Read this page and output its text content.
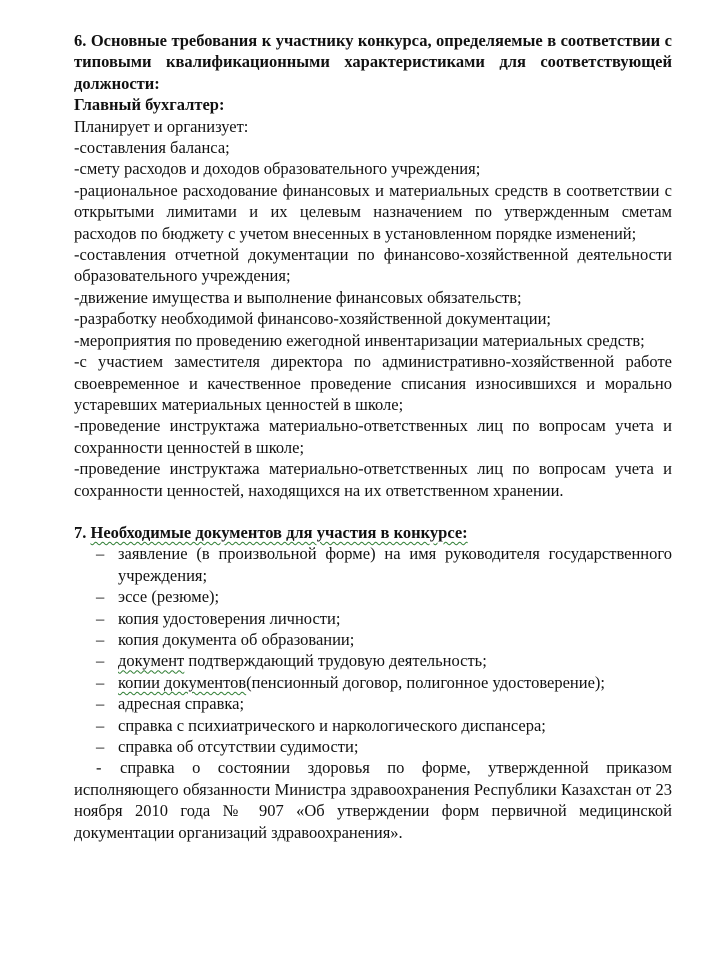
6. Основные требования к участнику конкурса, определяемые в соответствии с типовыми квалификационными характеристиками для соответствующей должности:

Главный бухгалтер:

Планирует и организует:

-составления баланса;

-смету расходов и доходов образовательного учреждения;

-рациональное расходование финансовых и материальных средств в соответствии с открытыми лимитами и их целевым назначением по утвержденным сметам расходов по бюджету с учетом внесенных в установленном порядке изменений;

-составления отчетной документации по финансово-хозяйственной деятельности образовательного учреждения;

-движение имущества и выполнение финансовых обязательств;

-разработку необходимой финансово-хозяйственной документации;

-мероприятия по проведению ежегодной инвентаризации материальных средств;

-с участием заместителя директора по административно-хозяйственной работе своевременное и качественное проведение списания износившихся и морально устаревших материальных ценностей в школе;

-проведение инструктажа материально-ответственных лиц по вопросам учета и сохранности ценностей в школе;

-проведение инструктажа материально-ответственных лиц по вопросам учета и сохранности ценностей, находящихся на их ответственном хранении.

7. Необходимые документов для участия в конкурсе:

– заявление (в произвольной форме) на имя руководителя государственного учреждения;
– эссе (резюме);
– копия удостоверения личности;
– копия документа об образовании;
– документ подтверждающий трудовую деятельность;
– копии документов(пенсионный договор, полигонное удостоверение);
– адресная справка;
– справка с психиатрического и наркологического диспансера;
– справка об отсутствии судимости;

- справка о состоянии здоровья по форме, утвержденной приказом исполняющего обязанности Министра здравоохранения Республики Казахстан от 23 ноября 2010 года № 907 «Об утверждении форм первичной медицинской документации организаций здравоохранения».
